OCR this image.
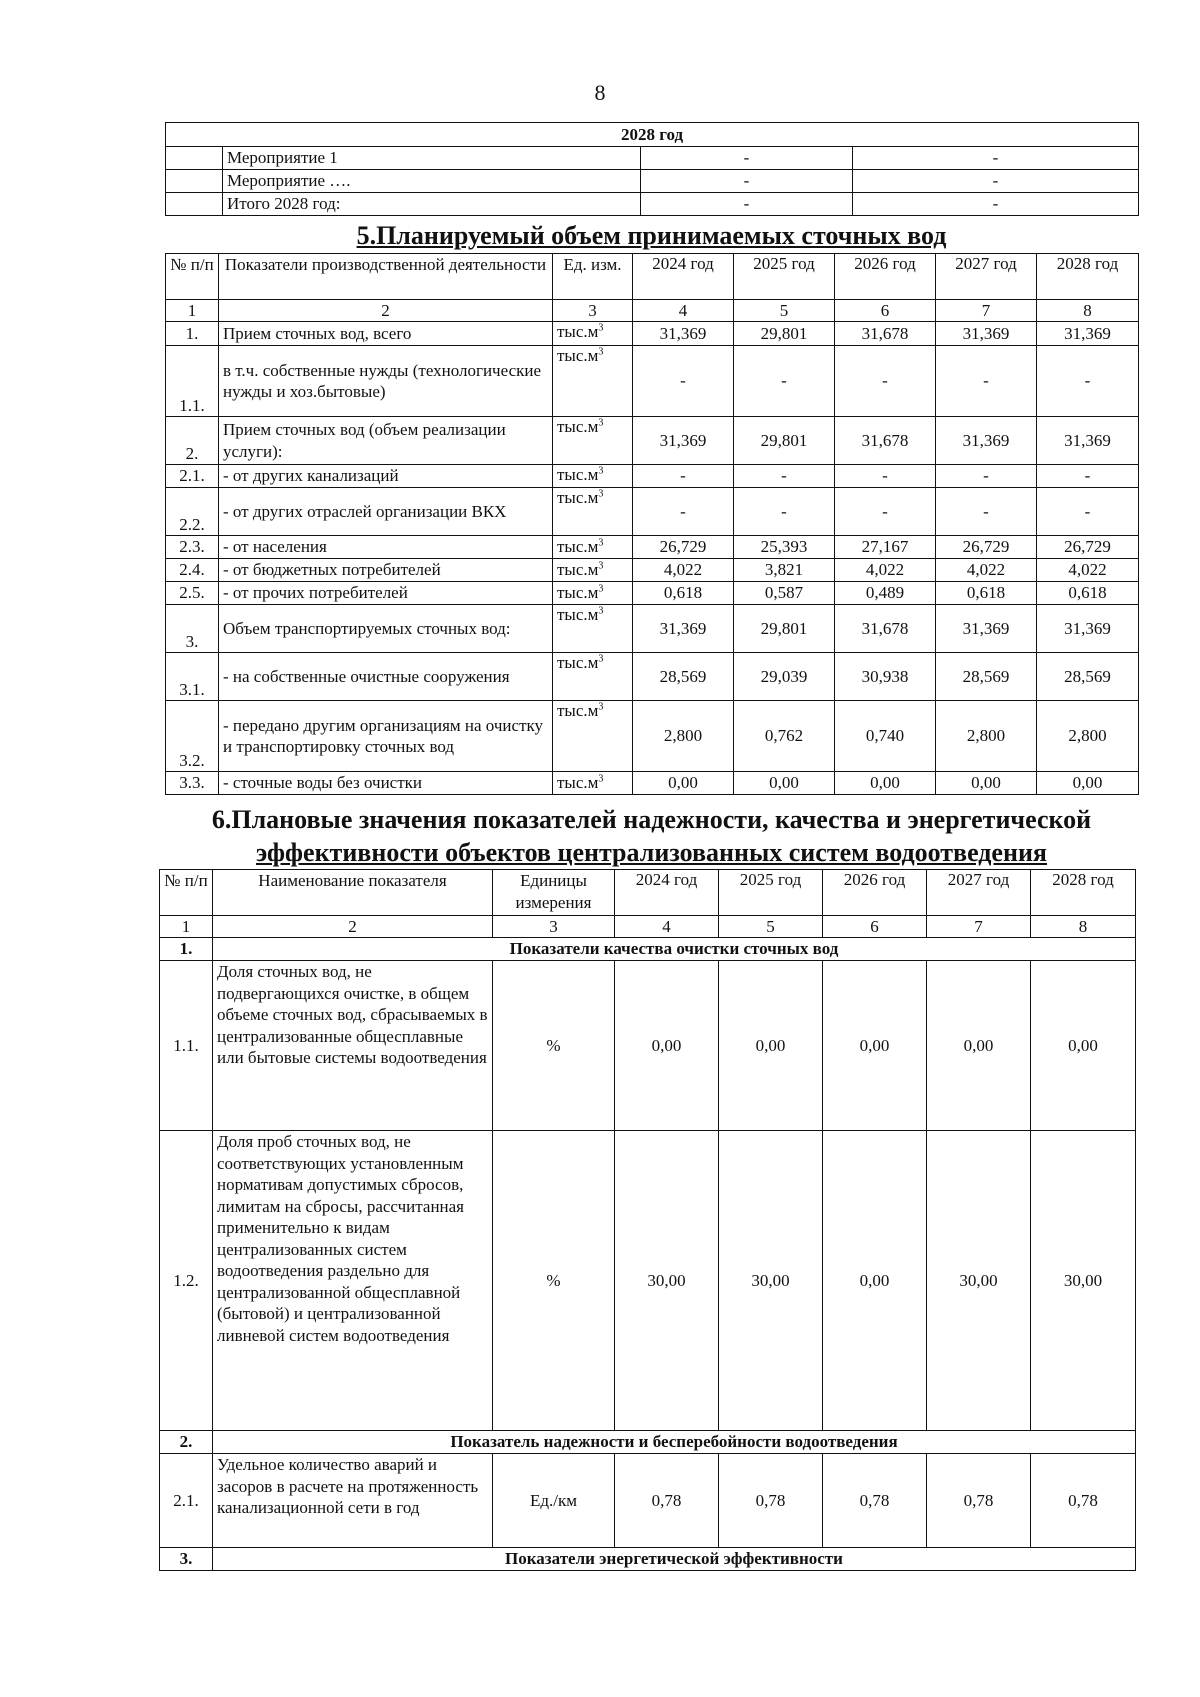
8
2028 год			
	Мероприятие 1	-	-
	Мероприятие ….	-	-
	Итого 2028 год:	-	-
5.Планируемый объем принимаемых сточных вод
№ п/п	Показатели производственной деятельности	Ед. изм.	2024 год	2025 год	2026 год	2027 год	2028 год
1	2	3	4	5	6	7	8
1.	Прием сточных вод, всего	$тыс.м^3$	31,369	29,801	31,678	31,369	31,369
1.1.	в т.ч. собственные нужды (технологические нужды и хоз.бытовые)	$тыс.м^3$	-	-	-	-	-
2.	Прием сточных вод (объем реализации услуги):	$тыс.м^3$	31,369	29,801	31,678	31,369	31,369
2.1.	- от других канализаций	$тыс.м^3$	-	-	-	-	-
2.2.	- от других отраслей организации ВКХ	$тыс.м^3$	-	-	-	-	-
2.3.	- от населения	$тыс.м^3$	26,729	25,393	27,167	26,729	26,729
2.4.	- от бюджетных потребителей	$тыс.м^3$	4,022	3,821	4,022	4,022	4,022
2.5.	- от прочих потребителей	$тыс.м^3$	0,618	0,587	0,489	0,618	0,618
3.	Объем транспортируемых сточных вод:	$тыс.м^3$	31,369	29,801	31,678	31,369	31,369
3.1.	- на собственные очистные сооружения	$тыс.м^3$	28,569	29,039	30,938	28,569	28,569
3.2.	- передано другим организациям на очистку и транспортировку сточных вод	$тыс.м^3$	2,800	0,762	0,740	2,800	2,800
3.3.	- сточные воды без очистки	$тыс.м^3$	0,00	0,00	0,00	0,00	0,00
6.Плановые значения показателей надежности, качества и энергетической
эффективности объектов централизованных систем водоотведения
№ п/п	Наименование показателя	Единицы измерения	2024 год	2025 год	2026 год	2027 год	2028 год
1	2	3	4	5	6	7	8
1.	Показатели качества очистки сточных вод						
1.1.	Доля сточных вод, не подвергающихся очистке, в общем объеме сточных вод, сбрасываемых в централизованные общесплавные или бытовые системы водоотведения	%	0,00	0,00	0,00	0,00	0,00
1.2.	Доля проб сточных вод, не соответствующих установленным нормативам допустимых сбросов, лимитам на сбросы, рассчитанная применительно к видам централизованных систем водоотведения раздельно для централизованной общесплавной (бытовой) и централизованной ливневой систем водоотведения	%	30,00	30,00	0,00	30,00	30,00
2.	Показатель надежности и бесперебойности водоотведения						
2.1.	Удельное количество аварий и засоров в расчете на протяженность канализационной сети в год	Ед./км	0,78	0,78	0,78	0,78	0,78
3.	Показатели энергетической эффективности						
